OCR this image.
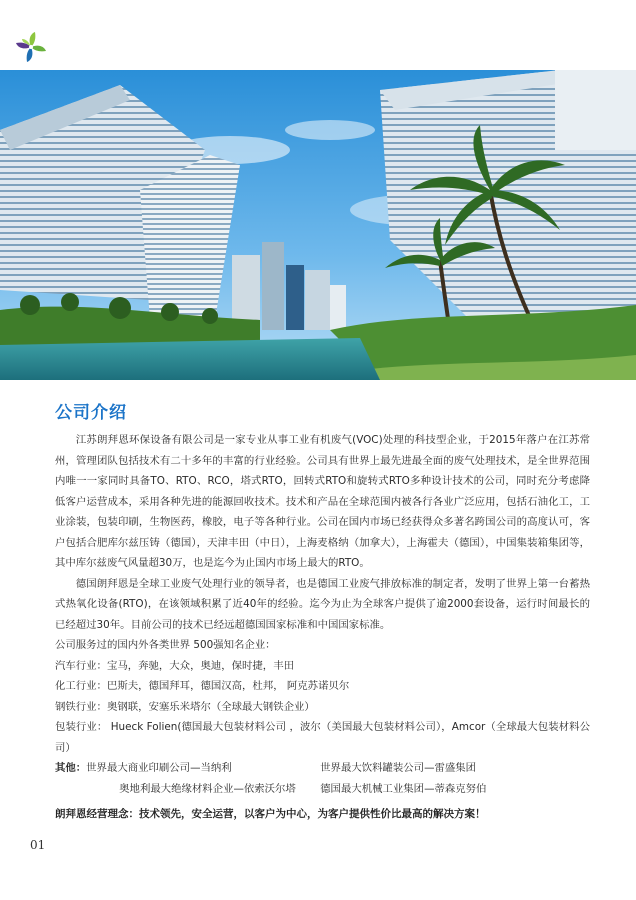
公司介绍

江苏朗拜恩环保设备有限公司是一家专业从事工业有机废气(VOC)处理的科技型企业，于2015年落户在江苏常州，管理团队包括技术有二十多年的丰富的行业经验。公司具有世界上最先进最全面的废气处理技术，是全世界范围内唯一一家同时具备TO、RTO、RCO，塔式RTO，回转式RTO和旋转式RTO多种设计技术的公司，同时充分考虑降低客户运营成本，采用各种先进的能源回收技术。技术和产品在全球范围内被各行各业广泛应用，包括石油化工，工业涂装，包装印刷，生物医药，橡胶，电子等各种行业。公司在国内市场已经获得众多著名跨国公司的高度认可，客户包括合肥库尔兹压铸（德国），天津丰田（中日），上海麦格纳（加拿大），上海霍夫（德国），中国集装箱集团等，其中库尔兹废气风量超30万，也是迄今为止国内市场上最大的RTO。

德国朗拜恩是全球工业废气处理行业的领导者，也是德国工业废气排放标准的制定者，发明了世界上第一台蓄热式热氧化设备(RTO)，在该领域积累了近40年的经验。迄今为止为全球客户提供了逾2000套设备，运行时间最长的已经超过30年。目前公司的技术已经远超德国国家标准和中国国家标准。

公司服务过的国内外各类世界 500强知名企业：

汽车行业：宝马，奔驰，大众，奥迪，保时捷，丰田

化工行业：巴斯夫，德国拜耳，德国汉高，杜邦， 阿克苏诺贝尔

钢铁行业：奥钢联，安塞乐米塔尔（全球最大钢铁企业）

包装行业： Hueck Folien(德国最大包装材料公司 ，波尔（美国最大包装材料公司），Amcor（全球最大包装材料公司）

其他： 世界最大商业印刷公司—当纳利	世界最大饮料罐装公司—雷盛集团
奥地利最大绝缘材料企业—依索沃尔塔	德国最大机械工业集团—蒂森克努伯
朗拜恩经营理念：技术领先，安全运营，以客户为中心，为客户提供性价比最高的解决方案！
01
